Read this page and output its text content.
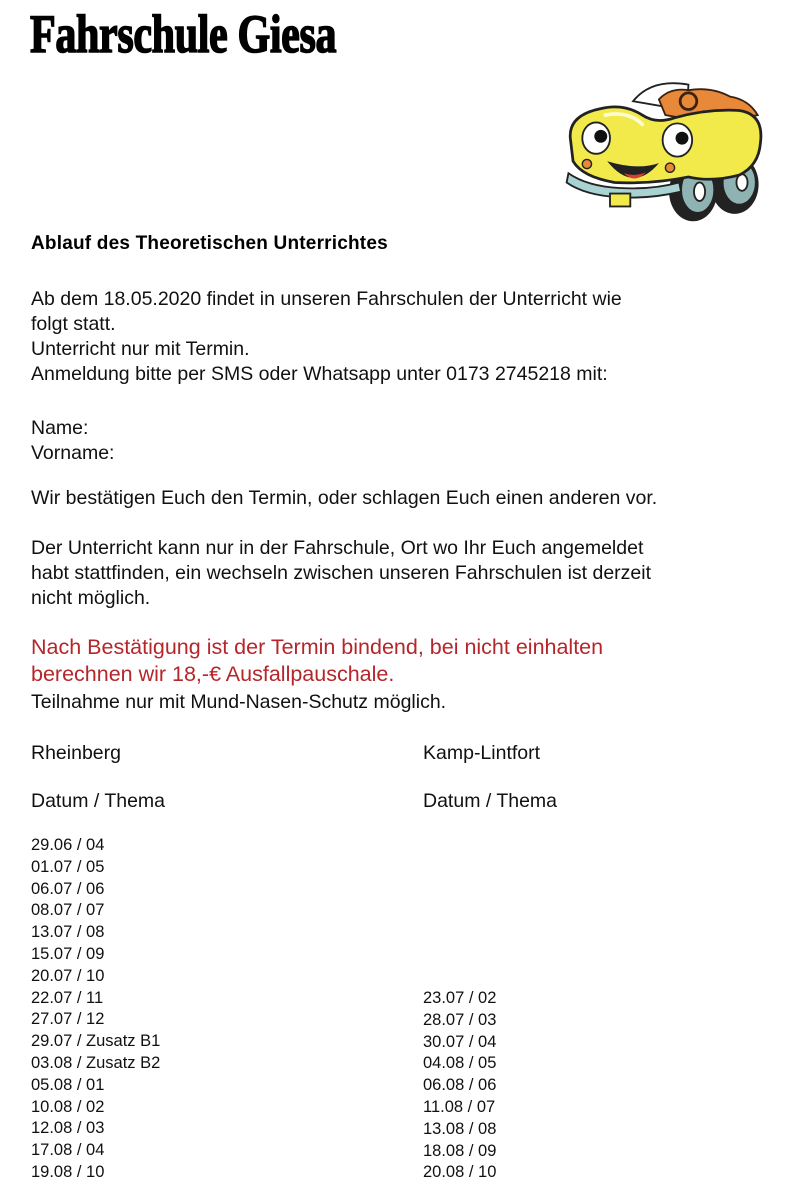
Fahrschule Giesa
Ablauf des Theoretischen Unterrichtes

Ab dem 18.05.2020 findet in unseren Fahrschulen der Unterricht wie
folgt statt.
Unterricht nur mit Termin.
Anmeldung bitte per SMS oder Whatsapp unter 0173 2745218 mit:

Name:
Vorname:

Wir bestätigen Euch den Termin, oder schlagen Euch einen anderen vor.

Der Unterricht kann nur in der Fahrschule, Ort wo Ihr Euch angemeldet
habt stattfinden, ein wechseln zwischen unseren Fahrschulen ist derzeit
nicht möglich.

Nach Bestätigung ist der Termin bindend, bei nicht einhalten
berechnen wir 18,-€ Ausfallpauschale.

Teilnahme nur mit Mund-Nasen-Schutz möglich.

Rheinberg

Datum / Thema

Kamp-Lintfort

Datum / Thema

29.06 / 04
01.07 / 05
06.07 / 06
08.07 / 07
13.07 / 08
15.07 / 09
20.07 / 10
22.07 / 11
27.07 / 12
29.07 / Zusatz B1
03.08 / Zusatz B2
05.08 / 01
10.08 / 02
12.08 / 03
17.08 / 04
19.08 / 10
23.07 / 02
28.07 / 03
30.07 / 04
04.08 / 05
06.08 / 06
11.08 / 07
13.08 / 08
18.08 / 09
20.08 / 10
